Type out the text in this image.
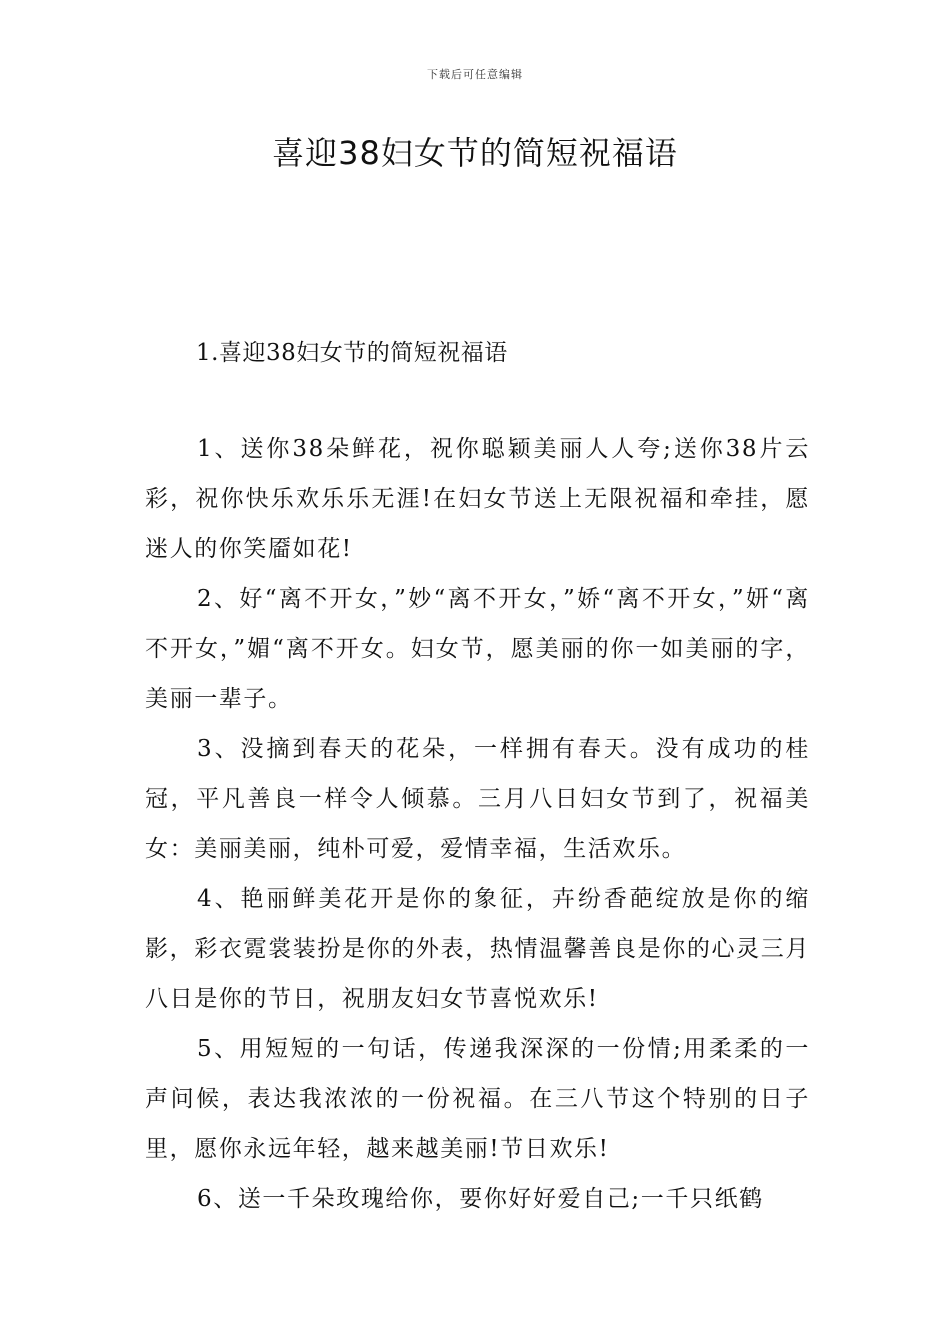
下载后可任意编辑
喜迎38妇女节的简短祝福语
1.喜迎38妇女节的简短祝福语

1、送你38朵鲜花，祝你聪颖美丽人人夸;送你38片云彩，祝你快乐欢乐乐无涯!在妇女节送上无限祝福和牵挂，愿迷人的你笑靥如花!

2、好“离不开女，”妙“离不开女，”娇“离不开女，”妍“离不开女，”媚“离不开女。妇女节，愿美丽的你一如美丽的字，美丽一辈子。

3、没摘到春天的花朵，一样拥有春天。没有成功的桂冠，平凡善良一样令人倾慕。三月八日妇女节到了，祝福美女：美丽美丽，纯朴可爱，爱情幸福，生活欢乐。

4、艳丽鲜美花开是你的象征，卉纷香葩绽放是你的缩影，彩衣霓裳装扮是你的外表，热情温馨善良是你的心灵三月八日是你的节日，祝朋友妇女节喜悦欢乐!

5、用短短的一句话，传递我深深的一份情;用柔柔的一声问候，表达我浓浓的一份祝福。在三八节这个特别的日子里，愿你永远年轻，越来越美丽!节日欢乐!

6、送一千朵玫瑰给你，要你好好爱自己;一千只纸鹤
